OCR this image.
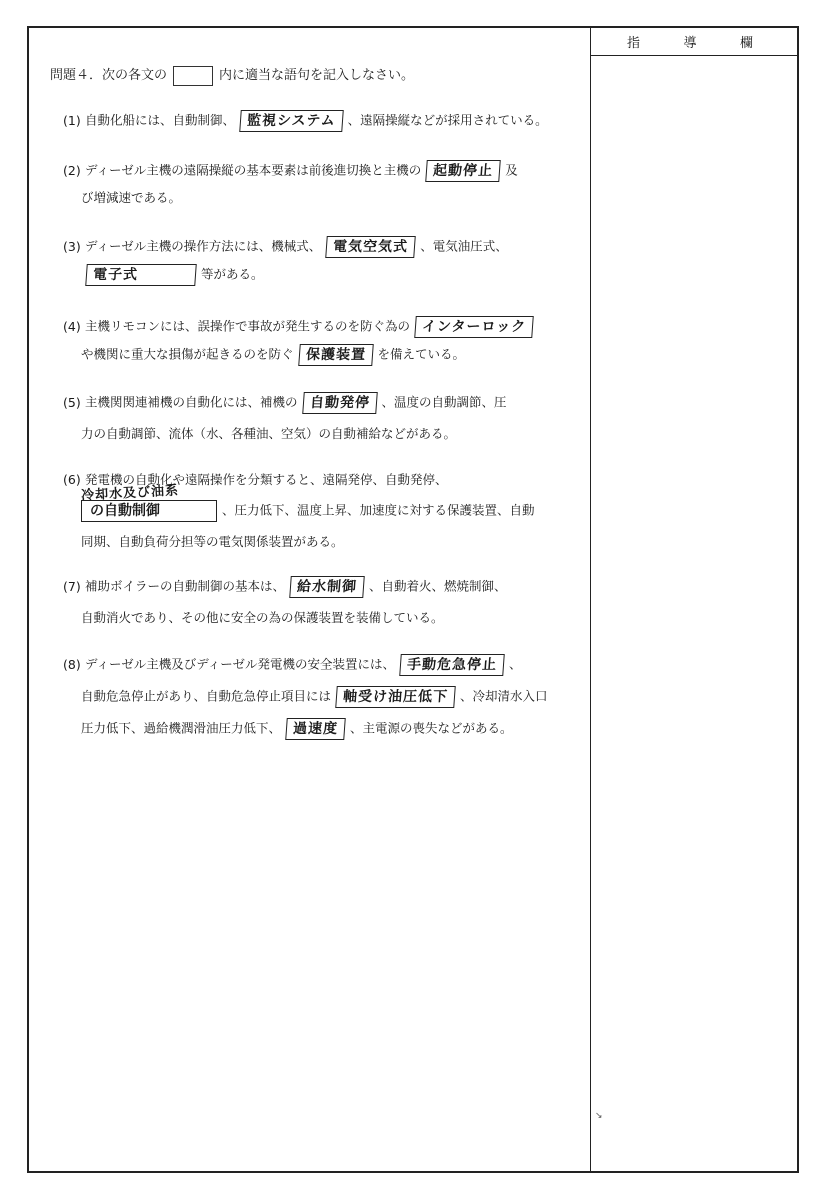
指	導	欄
問題４．次の各文の	内に適当な語句を記入しなさい。
(1) 自動化船には、自動制御、 監視システム 、遠隔操縦などが採用されている。
(2) ディーゼル主機の遠隔操縦の基本要素は前後進切換と主機の 起動停止 及
び増減速である。
(3) ディーゼル主機の操作方法には、機械式、 電気空気式 、電気油圧式、
電子式	等がある。
(4) 主機リモコンには、誤操作で事故が発生するのを防ぐ為の インターロック
や機関に重大な損傷が起きるのを防ぐ 保護装置 を備えている。
(5) 主機関関連補機の自動化には、補機の 自動発停 、温度の自動調節、圧
力の自動調節、流体（水、各種油、空気）の自動補給などがある。
(6) 発電機の自動化や遠隔操作を分類すると、遠隔発停、自動発停、
冷却水及び油系
の自動制御	、圧力低下、温度上昇、加速度に対する保護装置、自動
同期、自動負荷分担等の電気関係装置がある。
(7) 補助ボイラーの自動制御の基本は、 給水制御 、自動着火、燃焼制御、
自動消火であり、その他に安全の為の保護装置を装備している。
(8) ディーゼル主機及びディーゼル発電機の安全装置には、 手動危急停止 、
自動危急停止があり、自動危急停止項目には 軸受け油圧低下 、冷却清水入口
圧力低下、過給機潤滑油圧力低下、 過速度 、主電源の喪失などがある。
↘
